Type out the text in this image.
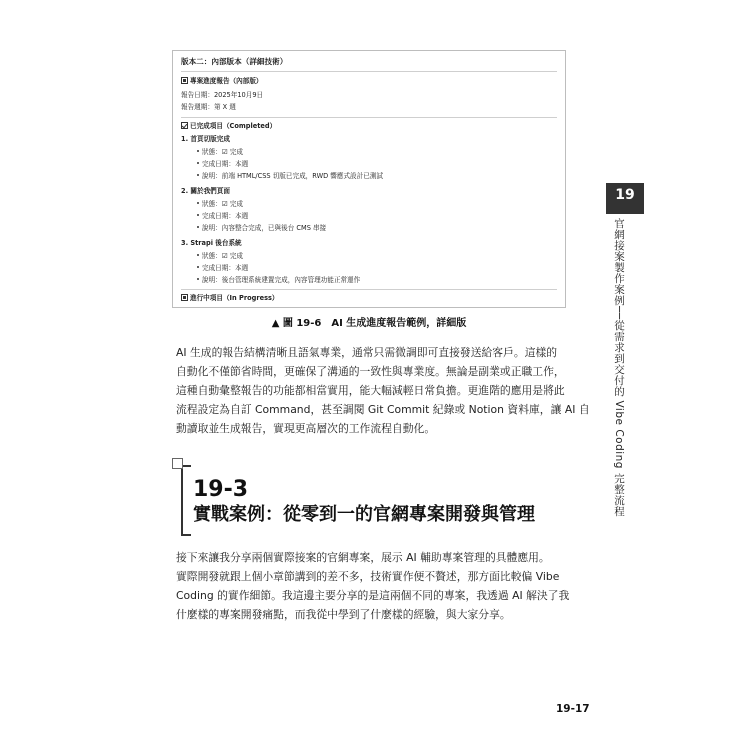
版本二：內部版本（詳細技術）
專案進度報告（內部版）
報告日期：2025年10月9日
報告週期：第 X 週
已完成項目（Completed）
1. 首頁切版完成
狀態：☑ 完成
完成日期：本週
說明：前端 HTML/CSS 切版已完成，RWD 響應式設計已測試
2. 關於我們頁面
狀態：☑ 完成
完成日期：本週
說明：內容整合完成，已與後台 CMS 串接
3. Strapi 後台系統
狀態：☑ 完成
完成日期：本週
說明：後台管理系統建置完成，內容管理功能正常運作
進行中項目（In Progress）
▲ 圖 19-6　AI 生成進度報告範例，詳細版
AI 生成的報告結構清晰且語氣專業，通常只需微調即可直接發送給客戶。這樣的
自動化不僅節省時間，更確保了溝通的一致性與專業度。無論是副業或正職工作，
這種自動彙整報告的功能都相當實用，能大幅減輕日常負擔。更進階的應用是將此
流程設定為自訂 Command，甚至調閱 Git Commit 紀錄或 Notion 資料庫，讓 AI 自
動讀取並生成報告，實現更高層次的工作流程自動化。
19-3
實戰案例：從零到一的官網專案開發與管理
接下來讓我分享兩個實際接案的官網專案，展示 AI 輔助專案管理的具體應用。
實際開發就跟上個小章節講到的差不多，技術實作便不贅述，那方面比較偏 Vibe
Coding 的實作細節。我這邊主要分享的是這兩個不同的專案，我透過 AI 解決了我
什麼樣的專案開發痛點，而我從中學到了什麼樣的經驗，與大家分享。
19
官網接案製作案例──從需求到交付的 Vibe Coding 完整流程
19-17
